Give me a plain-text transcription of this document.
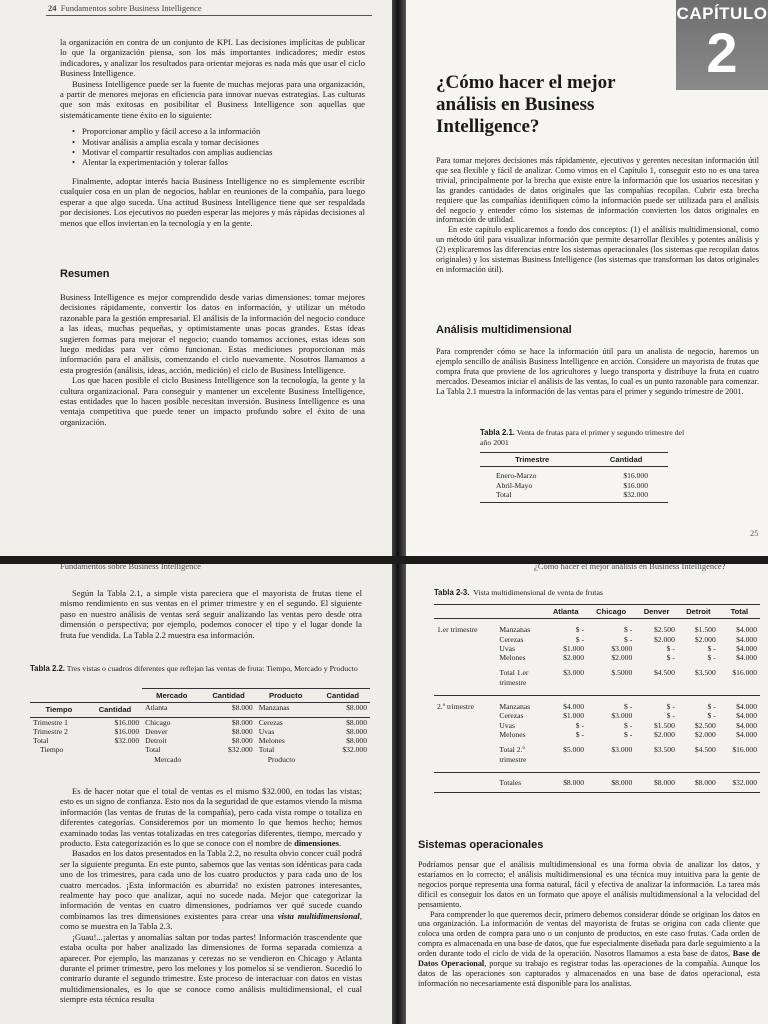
24 Fundamentos sobre Business Intelligence

la organización en contra de un conjunto de KPI. Las decisiones implícitas de publicar lo que la organización piensa, son los más importantes indicadores; medir estos indicadores, y analizar los resultados para orientar mejoras es nada más que usar el ciclo Business Intelligence.

Business Intelligence puede ser la fuente de muchas mejoras para una organización, a partir de menores mejoras en eficiencia para innovar nuevas estrategias. Las culturas que son más exitosas en posibilitar el Business Intelligence son aquellas que sistemáticamente tiene éxito en lo siguiente:

• Proporcionar amplio y fácil acceso a la información
• Motivar análisis a amplia escala y tomar decisiones
• Motivar el compartir resultados con amplias audiencias
• Alentar la experimentación y tolerar fallos

Finalmente, adoptar interés hacia Business Intelligence no es simplemente escribir cualquier cosa en un plan de negocios, hablar en reuniones de la compañía, para luego esperar a que algo suceda. Una actitud Business Intelligence tiene que ser respaldada por decisiones. Los ejecutivos no pueden esperar las mejores y más rápidas decisiones al menos que ellos inviertan en la tecnología y en la gente.

Resumen

Business Intelligence es mejor comprendido desde varias dimensiones: tomar mejores decisiones rápidamente, convertir los datos en información, y utilizar un método razonable para la gestión empresarial. El análisis de la información del negocio conduce a las ideas, muchas pequeñas, y optimistamente unas pocas grandes. Estas ideas sugieren formas para mejorar el negocio; cuando tomamos acciones, estas ideas son luego medidas para ver cómo funcionan. Estas mediciones proporcionan más información para el análisis, comenzando el ciclo nuevamente. Nosotros llamamos a esta progresión (análisis, ideas, acción, medición) el ciclo de Business Intelligence.

Los que hacen posible el ciclo Business Intelligence son la tecnología, la gente y la cultura organizacional. Para conseguir y mantener un excelente Business Intelligence, estas entidades que lo hacen posible necesitan inversión. Business Intelligence es una ventaja competitiva que puede tener un impacto profundo sobre el éxito de una organización.

CAPÍTULO
2
¿Cómo hacer el mejor análisis en Business Intelligence?

Para tomar mejores decisiones más rápidamente, ejecutivos y gerentes necesitan información útil que sea flexible y fácil de analizar. Como vimos en el Capítulo 1, conseguir esto no es una tarea trivial, principalmente por la brecha que existe entre la información que los usuarios necesitan y las grandes cantidades de datos originales que las compañías recopilan. Cubrir esta brecha requiere que las compañías identifiquen cómo la información puede ser utilizada para el análisis del negocio y entender cómo los sistemas de información convierten los datos originales en información de utilidad.

En este capítulo explicaremos a fondo dos conceptos: (1) el análisis multidimensional, como un método útil para visualizar información que permite desarrollar flexibles y potentes análisis y (2) explicaremos las diferencias entre los sistemas operacionales (los sistemas que recopilan datos originales) y los sistemas Business Intelligence (los sistemas que transforman los datos originales en información útil).

Análisis multidimensional

Para comprender cómo se hace la información útil para un analista de negocio, haremos un ejemplo sencillo de análisis Business Intelligence en acción. Considere un mayorista de frutas que compra fruta que proviene de los agricultores y luego transporta y distribuye la fruta en cuatro mercados. Deseamos iniciar el análisis de las ventas, lo cual es un punto razonable para comenzar. La Tabla 2.1 muestra la información de las ventas para el primer y segundo trimestre de 2001.

Tabla 2.1. Venta de frutas para el primer y segundo trimestre del año 2001
Trimestre	Cantidad
Enero-Marzo	$16.000
Abril-Mayo	$16.000
Total	$32.000
25
Fundamentos sobre Business Intelligence

Según la Tabla 2.1, a simple vista pareciera que el mayorista de frutas tiene el mismo rendimiento en sus ventas en el primer trimestre y en el segundo. El siguiente paso en nuestro análisis de ventas será seguir analizando las ventas pero desde otra dimensión o perspectiva; por ejemplo, podemos conocer el tipo y el lugar donde la fruta fue vendida. La Tabla 2.2 muestra esa información.

Tabla 2.2. Tres vistas o cuadros diferentes que reflejan las ventas de fruta: Tiempo, Mercado y Producto
		Mercado	Cantidad	Producto	Cantidad
Tiempo	Cantidad	Atlanta	$8.000	Manzanas	$8.000
Trimestre 1	$16.000	Chicago	$8.000	Cerezas	$8.000
Trimestre 2	$16.000	Denver	$8.000	Uvas	$8.000
Total	$32.000	Detroit	$8.000	Melones	$8.000
Tiempo		Total	$32.000	Total	$32.000
		Mercado		Producto	

Es de hacer notar que el total de ventas es el mismo $32.000, en todas las vistas; esto es un signo de confianza. Esto nos da la seguridad de que estamos viendo la misma información (las ventas de frutas de la compañía), pero cada vista rompe o totaliza en diferentes categorías. Consideremos por un momento lo que hemos hecho; hemos examinado todas las ventas totalizadas en tres categorías diferentes, tiempo, mercado y producto. Esta categorización es lo que se conoce con el nombre de dimensiones.

Basados en los datos presentados en la Tabla 2.2, no resulta obvio concer cuál podrá ser la siguiente pregunta. En este punto, sabemos que las ventas son idénticas para cada uno de los trimestres, para cada uno de los cuatro productos y para cada uno de los cuatro mercados. ¡Esta información es aburrida! no existen patrones interesantes, realmente hay poco que analizar, aquí no sucede nada. Mejor que categorizar la información de ventas en cuatro dimensiones, podríamos ver qué sucede cuando combinamos las tres dimensiones existentes para crear una vista multidimensional, como se muestra en la Tabla 2.3.

¡Guau!...¡alertas y anomalías saltan por todas partes! Información trascendente que estaba oculta por haber analizado las dimensiones de forma separada comienza a aparecer. Por ejemplo, las manzanas y cerezas no se vendieron en Chicago y Atlanta durante el primer trimestre, pero los melones y los pomelos sí se vendieron. Sucedió lo contrario durante el segundo trimestre. Este proceso de interactuar con datos en vistas multidimensionales, es lo que se conoce como análisis multidimensional, el cual siempre esta técnica resulta

¿Cómo hacer el mejor análisis en Business Intelligence?
Tabla 2-3. Vista multidimensional de venta de frutas
		Atlanta	Chicago	Denver	Detroit	Total
1.er trimestre	Manzanas	$ -	$ -	$2.500	$1.500	$4.000
	Cerezas	$ -	$ -	$2.000	$2.000	$4.000
	Uvas	$1.000	$3.000	$ -	$ -	$4.000
	Melones	$2.000	$2.000	$ -	$ -	$4.000
	Total 1.er trimestre	$3.000	$.5000	$4.500	$3.500	$16.000
2.º trimestre	Manzanas	$4.000	$ -	$ -	$ -	$4.000
	Cerezas	$1.000	$3.000	$ -	$ -	$4.000
	Uvas	$ -	$ -	$1.500	$2.500	$4.000
	Melones	$ -	$ -	$2.000	$2.000	$4.000
	Total 2.º trimestre	$5.000	$3.000	$3.500	$4.500	$16.000
	Totales	$8.000	$8.000	$8.000	$8.000	$32.000
Sistemas operacionales

Podríamos pensar que el análisis multidimensional es una forma obvia de analizar los datos, y estaríamos en lo correcto; el análisis multidimensional es una técnica muy intuitiva para la gente de negocios porque representa una forma natural, fácil y efectiva de analizar la información. La tarea más difícil es conseguir los datos en un formato que apoye el análisis multidimensional a la velocidad del pensamiento.

Para comprender lo que queremos decir, primero debemos considerar dónde se originan los datos en una organización. La información de ventas del mayorista de frutas se origina con cada cliente que coloca una orden de compra para uno o un conjunto de productos, en este caso frutas. Cada orden de compra es almacenada en una base de datos, que fue especialmente diseñada para darle seguimiento a la orden durante todo el ciclo de vida de la operación. Nosotros llamamos a esta base de datos, Base de Datos Operacional, porque su trabajo es registrar todas las operaciones de la compañía. Aunque los datos de las operaciones son capturados y almacenados en una base de datos operacional, esta información no necesariamente está disponible para los analistas.
